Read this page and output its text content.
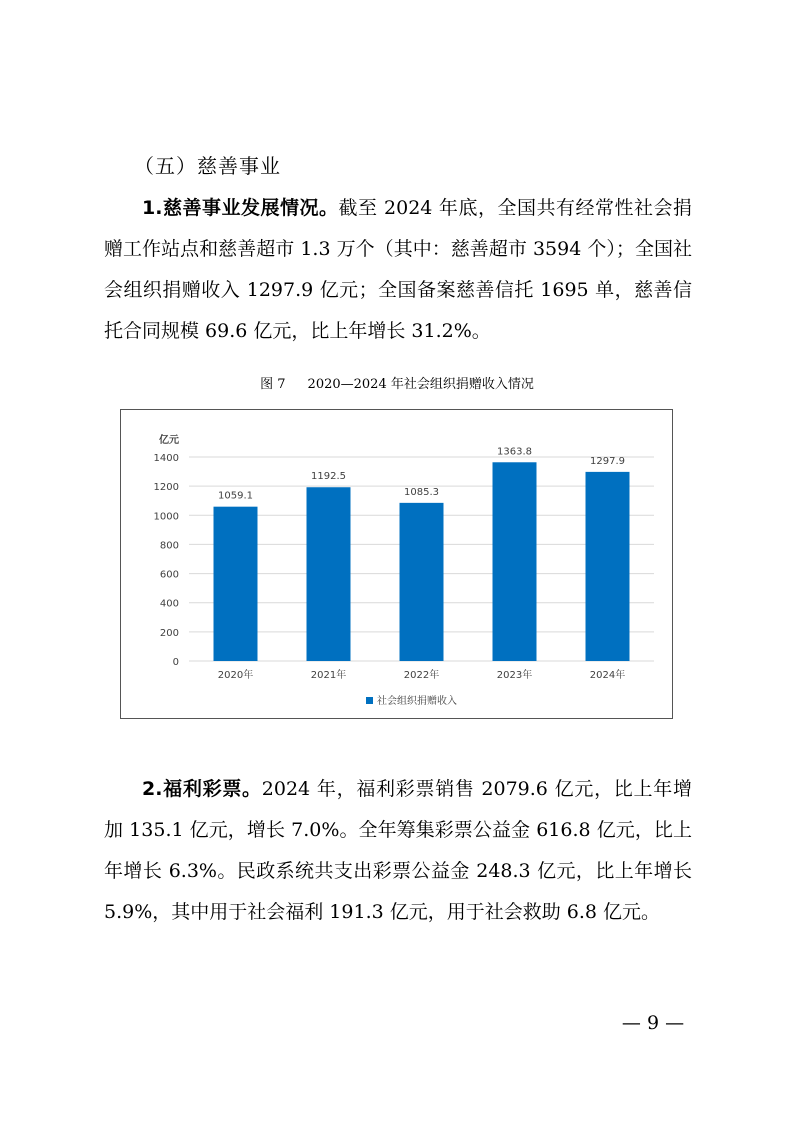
（五）慈善事业

1.慈善事业发展情况。截至 2024 年底，全国共有经常性社会捐赠工作站点和慈善超市 1.3 万个（其中：慈善超市 3594 个）；全国社会组织捐赠收入 1297.9 亿元；全国备案慈善信托 1695 单，慈善信托合同规模 69.6 亿元，比上年增长 31.2%。

图 7 2020—2024 年社会组织捐赠收入情况
0
200
400
600
800
1000
1200
1400
亿元
1059.1
2020年
1192.5
2021年
1085.3
2022年
1363.8
2023年
1297.9
2024年
社会组织捐赠收入

2.福利彩票。2024 年，福利彩票销售 2079.6 亿元，比上年增加 135.1 亿元，增长 7.0%。全年筹集彩票公益金 616.8 亿元，比上年增长 6.3%。民政系统共支出彩票公益金 248.3 亿元，比上年增长 5.9%，其中用于社会福利 191.3 亿元，用于社会救助 6.8 亿元。

— 9 —
